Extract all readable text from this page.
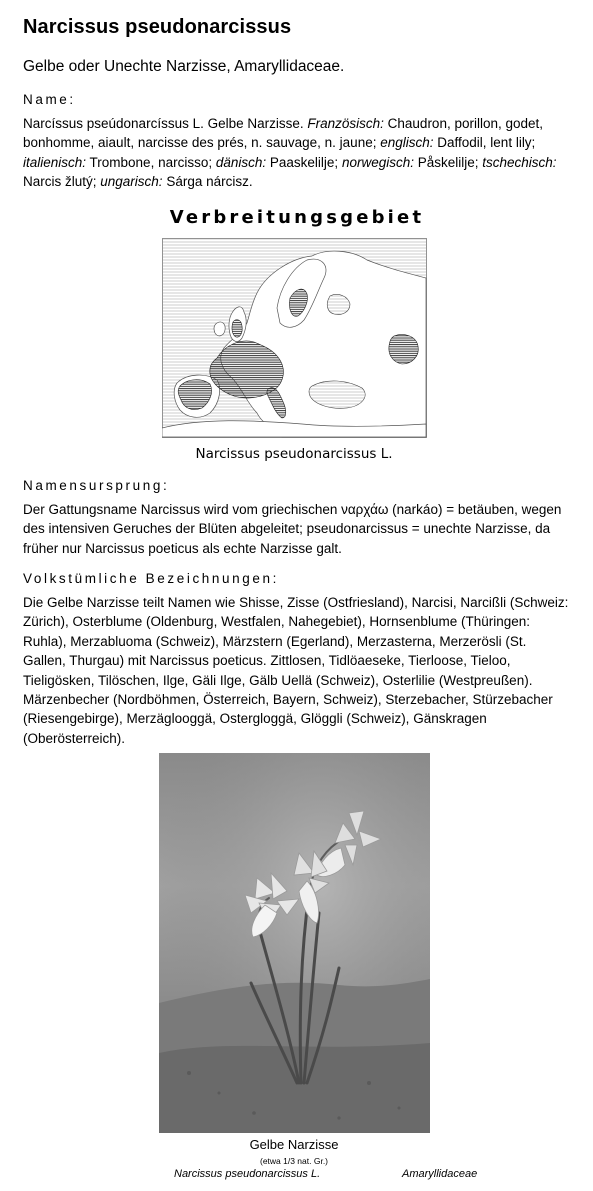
Narcissus pseudonarcissus

Gelbe oder Unechte Narzisse, Amaryllidaceae.

Name:

Narcíssus pseúdonarcíssus L. Gelbe Narzisse. Französisch: Chaudron, porillon, godet, bonhomme, aiault, narcisse des prés, n. sauvage, n. jaune; englisch: Daffodil, lent lily; italienisch: Trombone, narcisso; dänisch: Paaskelilje; norwegisch: Påskelilje; tschechisch: Narcis žlutý; ungarisch: Sárga nárcisz.

Verbreitungsgebiet

Narcissus pseudonarcissus L.

Namensursprung:

Der Gattungsname Narcissus wird vom griechischen ναρχάω (narkáo) = betäuben, wegen des intensiven Geruches der Blüten abgeleitet; pseudonarcissus = unechte Narzisse, da früher nur Narcissus poeticus als echte Narzisse galt.

Volkstümliche Bezeichnungen:

Die Gelbe Narzisse teilt Namen wie Shisse, Zisse (Ostfriesland), Narcisi, Narcißli (Schweiz: Zürich), Osterblume (Oldenburg, Westfalen, Nahegebiet), Hornsenblume (Thüringen: Ruhla), Merzabluoma (Schweiz), Märzstern (Egerland), Merzasterna, Merzerösli (St. Gallen, Thurgau) mit Narcissus poeticus. Zittlosen, Tidlöaeseke, Tierloose, Tieloo, Tieligösken, Tilöschen, Ilge, Gäli Ilge, Gälb Uellä (Schweiz), Osterlilie (Westpreußen). Märzenbecher (Nordböhmen, Österreich, Bayern, Schweiz), Sterzebacher, Stürzebacher (Riesengebirge), Merzäglooggä, Ostergloggä, Glöggli (Schweiz), Gänskragen (Oberösterreich).

Gelbe Narzisse

(etwa 1/3 nat. Gr.)

Narcissus pseudonarcissus L.	Amaryllidaceae
